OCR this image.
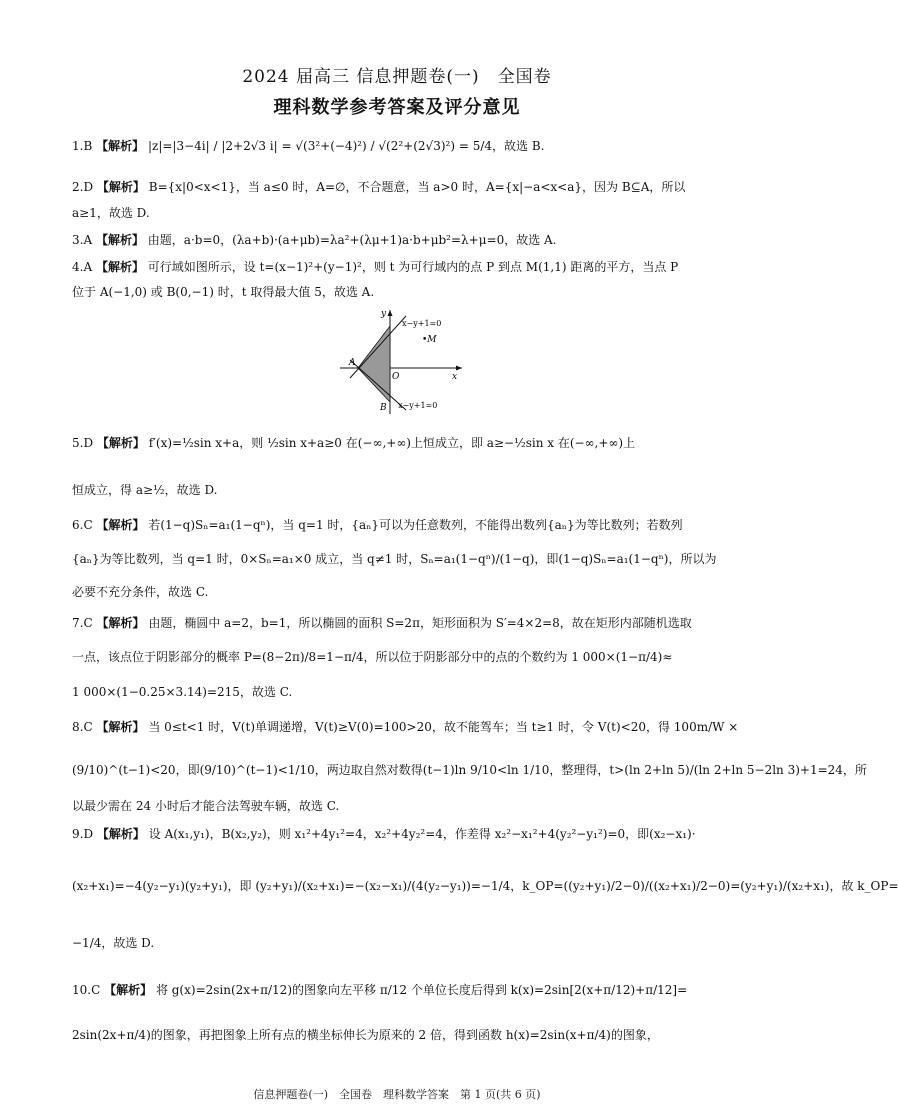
2024 届高三 信息押题卷(一)　全国卷
理科数学参考答案及评分意见
1.B 【解析】 |z|=|3−4i| / |2+2√3 i| = √(3²+(−4)²) / √(2²+(2√3)²) = 5/4，故选 B.
2.D 【解析】 B={x|0<x<1}，当 a≤0 时，A=∅，不合题意，当 a>0 时，A={x|−a<x<a}，因为 B⊆A，所以
a≥1，故选 D.
3.A 【解析】 由题，a·b=0，(λa+b)·(a+μb)=λa²+(λμ+1)a·b+μb²=λ+μ=0，故选 A.
4.A 【解析】 可行域如图所示，设 t=(x−1)²+(y−1)²，则 t 为可行域内的点 P 到点 M(1,1) 距离的平方，当点 P
位于 A(−1,0) 或 B(0,−1) 时，t 取得最大值 5，故选 A.
y
x
O
A
B
•M
x−y+1=0
x−y+1=0
5.D 【解析】 f′(x)=½sin x+a，则 ½sin x+a≥0 在(−∞,+∞)上恒成立，即 a≥−½sin x 在(−∞,+∞)上
恒成立，得 a≥½，故选 D.
6.C 【解析】 若(1−q)Sₙ=a₁(1−qⁿ)，当 q=1 时，{aₙ}可以为任意数列，不能得出数列{aₙ}为等比数列；若数列
{aₙ}为等比数列，当 q=1 时，0×Sₙ=a₁×0 成立，当 q≠1 时，Sₙ=a₁(1−qⁿ)/(1−q)，即(1−q)Sₙ=a₁(1−qⁿ)，所以为
必要不充分条件，故选 C.
7.C 【解析】 由题，椭圆中 a=2，b=1，所以椭圆的面积 S=2π，矩形面积为 S′=4×2=8，故在矩形内部随机选取
一点，该点位于阴影部分的概率 P=(8−2π)/8=1−π/4，所以位于阴影部分中的点的个数约为 1 000×(1−π/4)≈
1 000×(1−0.25×3.14)=215，故选 C.
8.C 【解析】 当 0≤t<1 时，V(t)单调递增，V(t)≥V(0)=100>20，故不能驾车；当 t≥1 时，令 V(t)<20，得 100m/W ×
(9/10)^(t−1)<20，即(9/10)^(t−1)<1/10，两边取自然对数得(t−1)ln 9/10<ln 1/10，整理得，t>(ln 2+ln 5)/(ln 2+ln 5−2ln 3)+1=24，所
以最少需在 24 小时后才能合法驾驶车辆，故选 C.
9.D 【解析】 设 A(x₁,y₁)，B(x₂,y₂)，则 x₁²+4y₁²=4，x₂²+4y₂²=4，作差得 x₂²−x₁²+4(y₂²−y₁²)=0，即(x₂−x₁)·
(x₂+x₁)=−4(y₂−y₁)(y₂+y₁)，即 (y₂+y₁)/(x₂+x₁)=−(x₂−x₁)/(4(y₂−y₁))=−1/4，k_OP=((y₂+y₁)/2−0)/((x₂+x₁)/2−0)=(y₂+y₁)/(x₂+x₁)，故 k_OP=
−1/4，故选 D.
10.C 【解析】 将 g(x)=2sin(2x+π/12)的图象向左平移 π/12 个单位长度后得到 k(x)=2sin[2(x+π/12)+π/12]=
2sin(2x+π/4)的图象，再把图象上所有点的横坐标伸长为原来的 2 倍，得到函数 h(x)=2sin(x+π/4)的图象，
信息押题卷(一)　全国卷　理科数学答案　第 1 页(共 6 页)
